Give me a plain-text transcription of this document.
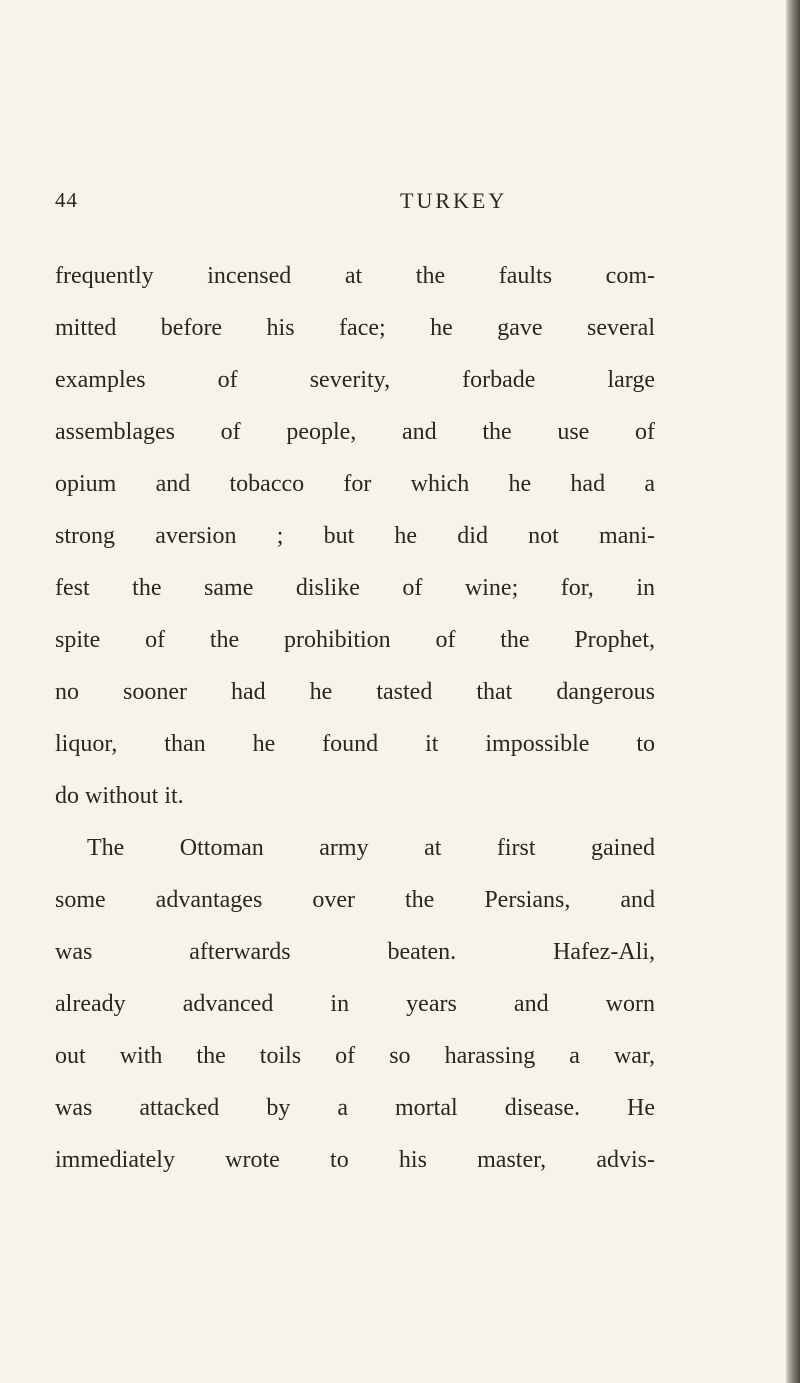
44	TURKEY
frequently incensed at the faults com-
mitted before his face; he gave several
examples of severity, forbade large
assemblages of people, and the use of
opium and tobacco for which he had a
strong aversion ; but he did not mani-
fest the same dislike of wine; for, in
spite of the prohibition of the Prophet,
no sooner had he tasted that dangerous
liquor, than he found it impossible to
do without it.
The Ottoman army at first gained
some advantages over the Persians, and
was afterwards beaten. Hafez-Ali,
already advanced in years and worn
out with the toils of so harassing a war,
was attacked by a mortal disease. He
immediately wrote to his master, advis-
